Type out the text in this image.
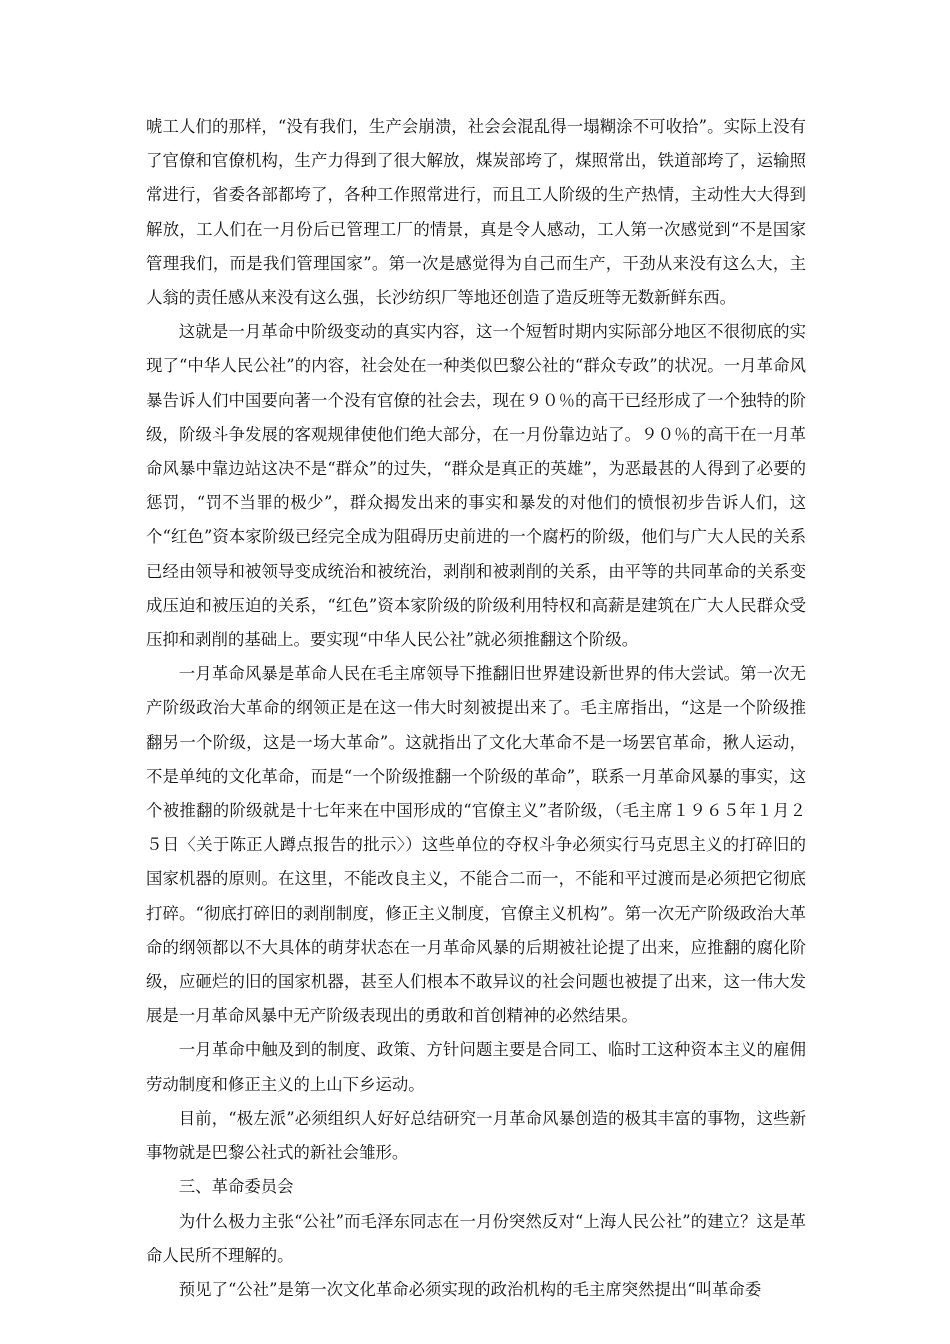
唬工人们的那样，“没有我们，生产会崩溃，社会会混乱得一塌糊涂不可收拾”。实际上没有了官僚和官僚机构，生产力得到了很大解放，煤炭部垮了，煤照常出，铁道部垮了，运输照常进行，省委各部都垮了，各种工作照常进行，而且工人阶级的生产热情，主动性大大得到解放，工人们在一月份后已管理工厂的情景，真是令人感动，工人第一次感觉到“不是国家管理我们，而是我们管理国家”。第一次是感觉得为自己而生产，干劲从来没有这么大，主人翁的责任感从来没有这么强，长沙纺织厂等地还创造了造反班等无数新鲜东西。

这就是一月革命中阶级变动的真实内容，这一个短暂时期内实际部分地区不很彻底的实现了“中华人民公社”的内容，社会处在一种类似巴黎公社的“群众专政”的状况。一月革命风暴告诉人们中国要向著一个没有官僚的社会去，现在９０％的高干已经形成了一个独特的阶级，阶级斗争发展的客观规律使他们绝大部分，在一月份靠边站了。９０％的高干在一月革命风暴中靠边站这决不是“群众”的过失，“群众是真正的英雄”，为恶最甚的人得到了必要的惩罚，“罚不当罪的极少”，群众揭发出来的事实和暴发的对他们的愤恨初步告诉人们，这个“红色”资本家阶级已经完全成为阻碍历史前进的一个腐朽的阶级，他们与广大人民的关系已经由领导和被领导变成统治和被统治，剥削和被剥削的关系，由平等的共同革命的关系变成压迫和被压迫的关系，“红色”资本家阶级的阶级利用特权和高薪是建筑在广大人民群众受压抑和剥削的基础上。要实现“中华人民公社”就必须推翻这个阶级。

一月革命风暴是革命人民在毛主席领导下推翻旧世界建设新世界的伟大尝试。第一次无产阶级政治大革命的纲领正是在这一伟大时刻被提出来了。毛主席指出，“这是一个阶级推翻另一个阶级，这是一场大革命”。这就指出了文化大革命不是一场罢官革命，揪人运动，不是单纯的文化革命，而是“一个阶级推翻一个阶级的革命”，联系一月革命风暴的事实，这个被推翻的阶级就是十七年来在中国形成的“官僚主义”者阶级，（毛主席１９６５年１月２５日〈关于陈正人蹲点报告的批示〉）这些单位的夺权斗争必须实行马克思主义的打碎旧的国家机器的原则。在这里，不能改良主义，不能合二而一，不能和平过渡而是必须把它彻底打碎。“彻底打碎旧的剥削制度，修正主义制度，官僚主义机构”。第一次无产阶级政治大革命的纲领都以不大具体的萌芽状态在一月革命风暴的后期被社论提了出来，应推翻的腐化阶级，应砸烂的旧的国家机器，甚至人们根本不敢异议的社会问题也被提了出来，这一伟大发展是一月革命风暴中无产阶级表现出的勇敢和首创精神的必然结果。

一月革命中触及到的制度、政策、方针问题主要是合同工、临时工这种资本主义的雇佣劳动制度和修正主义的上山下乡运动。

目前，“极左派”必须组织人好好总结研究一月革命风暴创造的极其丰富的事物，这些新事物就是巴黎公社式的新社会雏形。

三、革命委员会

为什么极力主张“公社”而毛泽东同志在一月份突然反对“上海人民公社”的建立？这是革命人民所不理解的。

预见了“公社”是第一次文化革命必须实现的政治机构的毛主席突然提出“叫革命委
